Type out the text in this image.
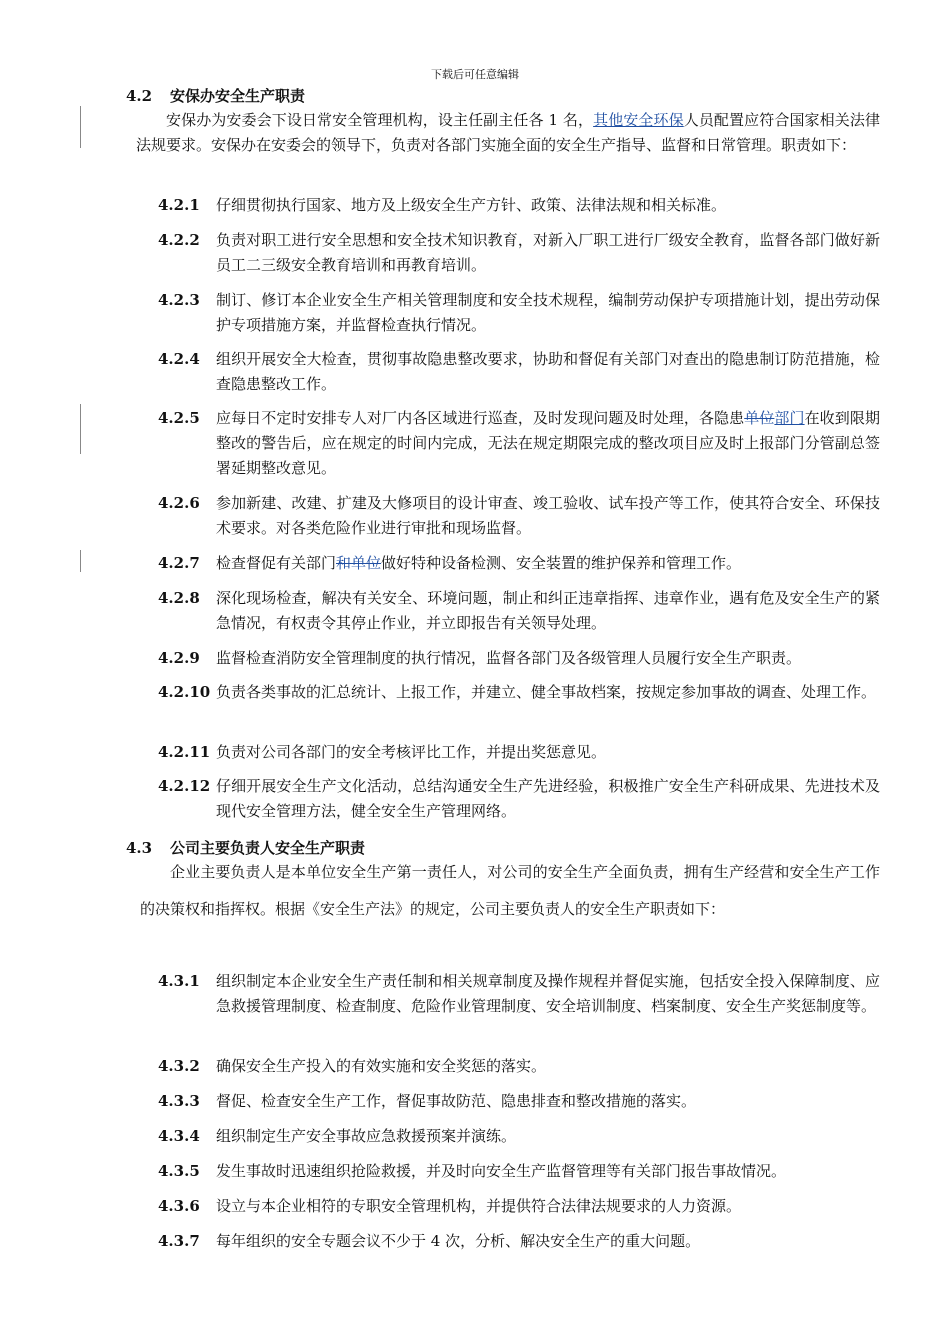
下载后可任意编辑
4.2 安保办安全生产职责
安保办为安委会下设日常安全管理机构，设主任副主任各 1 名，其他安全环保人员配置应符合国家相关法律法规要求。安保办在安委会的领导下，负责对各部门实施全面的安全生产指导、监督和日常管理。职责如下：
4.2.1	仔细贯彻执行国家、地方及上级安全生产方针、政策、法律法规和相关标准。
4.2.2	负责对职工进行安全思想和安全技术知识教育，对新入厂职工进行厂级安全教育，监督各部门做好新员工二三级安全教育培训和再教育培训。
4.2.3	制订、修订本企业安全生产相关管理制度和安全技术规程，编制劳动保护专项措施计划，提出劳动保护专项措施方案，并监督检查执行情况。
4.2.4	组织开展安全大检查，贯彻事故隐患整改要求，协助和督促有关部门对查出的隐患制订防范措施，检查隐患整改工作。
4.2.5	应每日不定时安排专人对厂内各区域进行巡查，及时发现问题及时处理，各隐患单位部门在收到限期整改的警告后，应在规定的时间内完成，无法在规定期限完成的整改项目应及时上报部门分管副总签署延期整改意见。
4.2.6	参加新建、改建、扩建及大修项目的设计审查、竣工验收、试车投产等工作，使其符合安全、环保技术要求。对各类危险作业进行审批和现场监督。
4.2.7	检查督促有关部门和单位做好特种设备检测、安全装置的维护保养和管理工作。
4.2.8	深化现场检查，解决有关安全、环境问题，制止和纠正违章指挥、违章作业，遇有危及安全生产的紧急情况，有权责令其停止作业，并立即报告有关领导处理。
4.2.9	监督检查消防安全管理制度的执行情况，监督各部门及各级管理人员履行安全生产职责。
4.2.10 负责各类事故的汇总统计、上报工作，并建立、健全事故档案，按规定参加事故的调查、处理工作。
4.2.11 负责对公司各部门的安全考核评比工作，并提出奖惩意见。
4.2.12 仔细开展安全生产文化活动，总结沟通安全生产先进经验，积极推广安全生产科研成果、先进技术及现代安全管理方法，健全安全生产管理网络。
4.3 公司主要负责人安全生产职责
企业主要负责人是本单位安全生产第一责任人，对公司的安全生产全面负责，拥有生产经营和安全生产工作的决策权和指挥权。根据《安全生产法》的规定，公司主要负责人的安全生产职责如下：
4.3.1	组织制定本企业安全生产责任制和相关规章制度及操作规程并督促实施，包括安全投入保障制度、应急救援管理制度、检查制度、危险作业管理制度、安全培训制度、档案制度、安全生产奖惩制度等。
4.3.2	确保安全生产投入的有效实施和安全奖惩的落实。
4.3.3	督促、检查安全生产工作，督促事故防范、隐患排查和整改措施的落实。
4.3.4	组织制定生产安全事故应急救援预案并演练。
4.3.5	发生事故时迅速组织抢险救援，并及时向安全生产监督管理等有关部门报告事故情况。
4.3.6	设立与本企业相符的专职安全管理机构，并提供符合法律法规要求的人力资源。
4.3.7	每年组织的安全专题会议不少于 4 次，分析、解决安全生产的重大问题。
